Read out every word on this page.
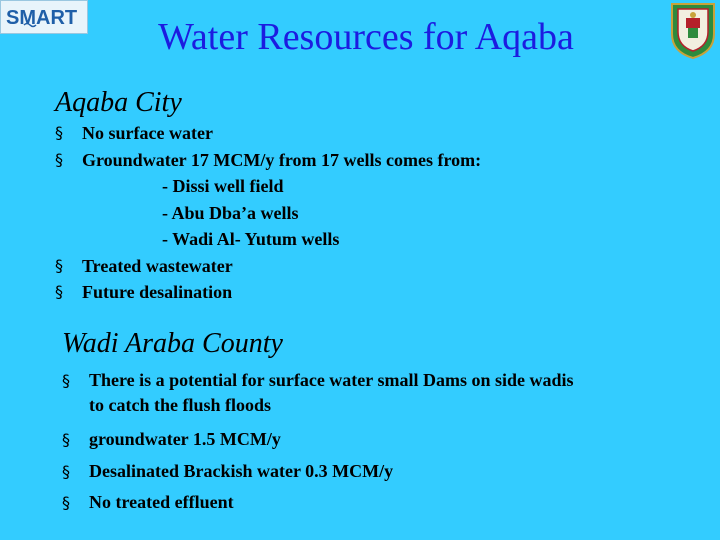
SMART	Water Resources for Aqaba
Aqaba City
§ No surface water
§ Groundwater 17 MCM/y from 17 wells comes from:
- Dissi well field
- Abu Dba’a wells
- Wadi Al- Yutum wells
§ Treated wastewater
§ Future desalination
Wadi Araba County
§ There is a potential for surface water small Dams on side wadis
to catch the flush floods
§ groundwater 1.5 MCM/y
§ Desalinated Brackish water 0.3 MCM/y
§ No treated effluent
